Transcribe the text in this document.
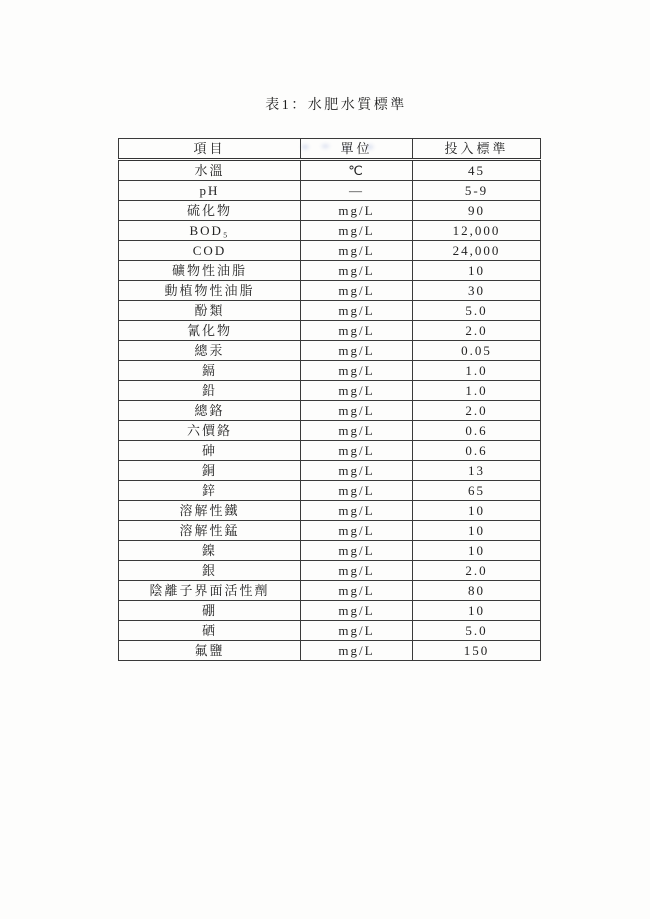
表1：水肥水質標準
項目	單位	投入標準
水溫	℃	45
pH	—	5-9
硫化物	mg/L	90
BOD₅	mg/L	12,000
COD	mg/L	24,000
礦物性油脂	mg/L	10
動植物性油脂	mg/L	30
酚類	mg/L	5.0
氰化物	mg/L	2.0
總汞	mg/L	0.05
鎘	mg/L	1.0
鉛	mg/L	1.0
總鉻	mg/L	2.0
六價鉻	mg/L	0.6
砷	mg/L	0.6
銅	mg/L	13
鋅	mg/L	65
溶解性鐵	mg/L	10
溶解性錳	mg/L	10
鎳	mg/L	10
銀	mg/L	2.0
陰離子界面活性劑	mg/L	80
硼	mg/L	10
硒	mg/L	5.0
氟鹽	mg/L	150
